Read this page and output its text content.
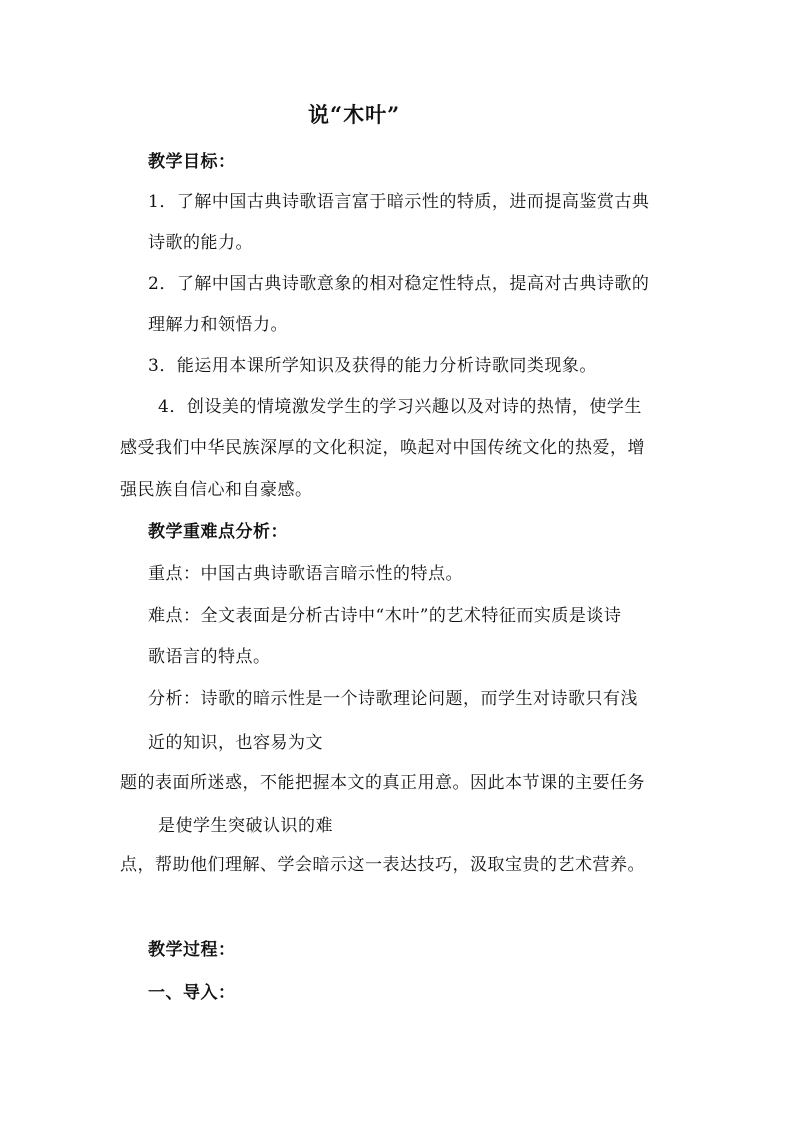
说“木叶”
教学目标：
1．了解中国古典诗歌语言富于暗示性的特质，进而提高鉴赏古典
诗歌的能力。
2．了解中国古典诗歌意象的相对稳定性特点，提高对古典诗歌的
理解力和领悟力。
3．能运用本课所学知识及获得的能力分析诗歌同类现象。
4．创设美的情境激发学生的学习兴趣以及对诗的热情，使学生
感受我们中华民族深厚的文化积淀，唤起对中国传统文化的热爱，增
强民族自信心和自豪感。
教学重难点分析：
重点：中国古典诗歌语言暗示性的特点。
难点：全文表面是分析古诗中“木叶”的艺术特征而实质是谈诗
歌语言的特点。
分析：诗歌的暗示性是一个诗歌理论问题，而学生对诗歌只有浅
近的知识，也容易为文
题的表面所迷惑，不能把握本文的真正用意。因此本节课的主要任务
是使学生突破认识的难
点，帮助他们理解、学会暗示这一表达技巧，汲取宝贵的艺术营养。
教学过程：
一、导入：
